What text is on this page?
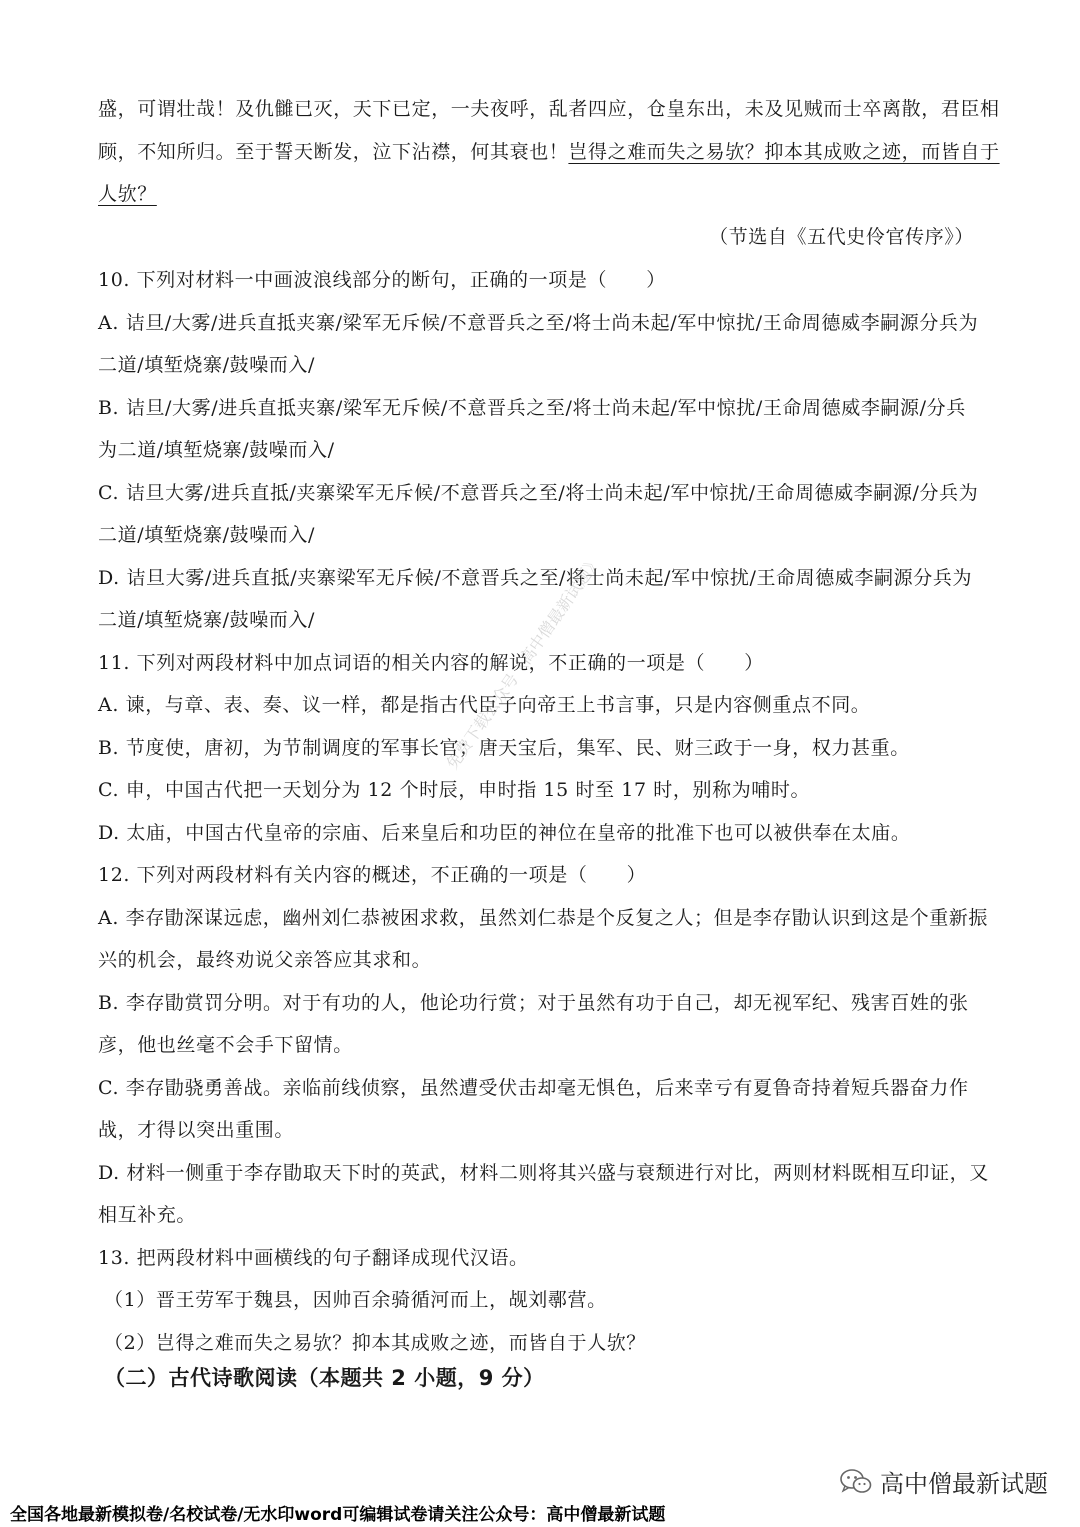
盛，可谓壮哉！及仇雠已灭，天下已定，一夫夜呼，乱者四应，仓皇东出，未及见贼而士卒离散，君臣相
顾，不知所归。至于誓天断发，泣下沾襟，何其衰也！岂得之难而失之易欤？抑本其成败之迹，而皆自于
人欤？
（节选自《五代史伶官传序》）
10. 下列对材料一中画波浪线部分的断句，正确的一项是（　　）
A. 诘旦/大雾/进兵直抵夹寨/梁军无斥候/不意晋兵之至/将士尚未起/军中惊扰/王命周德威李嗣源分兵为
二道/填堑烧寨/鼓噪而入/
B. 诘旦/大雾/进兵直抵夹寨/梁军无斥候/不意晋兵之至/将士尚未起/军中惊扰/王命周德威李嗣源/分兵
为二道/填堑烧寨/鼓噪而入/
C. 诘旦大雾/进兵直抵/夹寨梁军无斥候/不意晋兵之至/将士尚未起/军中惊扰/王命周德威李嗣源/分兵为
二道/填堑烧寨/鼓噪而入/
D. 诘旦大雾/进兵直抵/夹寨梁军无斥候/不意晋兵之至/将士尚未起/军中惊扰/王命周德威李嗣源分兵为
二道/填堑烧寨/鼓噪而入/
11. 下列对两段材料中加点词语的相关内容的解说，不正确的一项是（　　）
A. 谏，与章、表、奏、议一样，都是指古代臣子向帝王上书言事，只是内容侧重点不同。
B. 节度使，唐初，为节制调度的军事长官；唐天宝后，集军、民、财三政于一身，权力甚重。
C. 申，中国古代把一天划分为 12 个时辰，申时指 15 时至 17 时，别称为哺时。
D. 太庙，中国古代皇帝的宗庙、后来皇后和功臣的神位在皇帝的批准下也可以被供奉在太庙。
12. 下列对两段材料有关内容的概述，不正确的一项是（　　）
A. 李存勖深谋远虑，幽州刘仁恭被困求救，虽然刘仁恭是个反复之人；但是李存勖认识到这是个重新振
兴的机会，最终劝说父亲答应其求和。
B. 李存勖赏罚分明。对于有功的人，他论功行赏；对于虽然有功于自己，却无视军纪、残害百姓的张
彦，他也丝毫不会手下留情。
C. 李存勖骁勇善战。亲临前线侦察，虽然遭受伏击却毫无惧色，后来幸亏有夏鲁奇持着短兵器奋力作
战，才得以突出重围。
D. 材料一侧重于李存勖取天下时的英武，材料二则将其兴盛与衰颓进行对比，两则材料既相互印证，又
相互补充。
13. 把两段材料中画横线的句子翻译成现代汉语。
（1）晋王劳军于魏县，因帅百余骑循河而上，觇刘鄩营。
（2）岂得之难而失之易欤？抑本其成败之迹，而皆自于人欤？
（二）古代诗歌阅读（本题共 2 小题，9 分）
免费下载公众号《高中僧最新试题》
高中僧最新试题
全国各地最新模拟卷/名校试卷/无水印word可编辑试卷请关注公众号：高中僧最新试题
